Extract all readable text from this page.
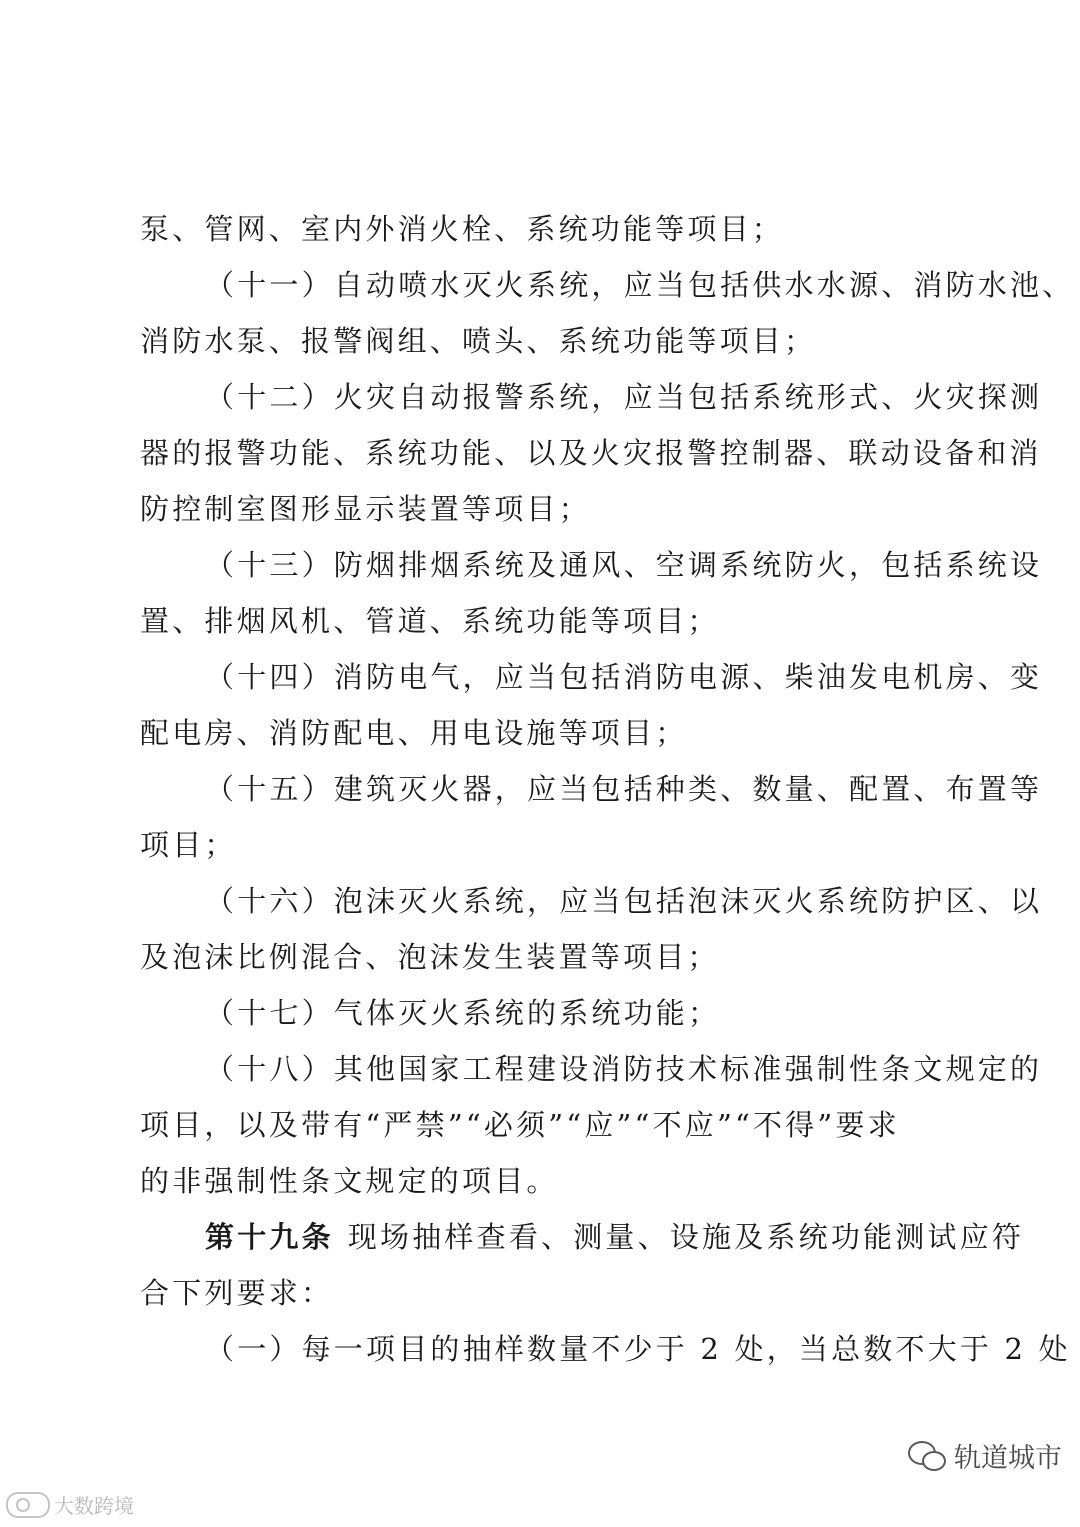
泵、管网、室内外消火栓、系统功能等项目；
（十一）自动喷水灭火系统，应当包括供水水源、消防水池、
消防水泵、报警阀组、喷头、系统功能等项目；
（十二）火灾自动报警系统，应当包括系统形式、火灾探测
器的报警功能、系统功能、以及火灾报警控制器、联动设备和消
防控制室图形显示装置等项目；
（十三）防烟排烟系统及通风、空调系统防火，包括系统设
置、排烟风机、管道、系统功能等项目；
（十四）消防电气，应当包括消防电源、柴油发电机房、变
配电房、消防配电、用电设施等项目；
（十五）建筑灭火器，应当包括种类、数量、配置、布置等
项目；
（十六）泡沫灭火系统，应当包括泡沫灭火系统防护区、以
及泡沫比例混合、泡沫发生装置等项目；
（十七）气体灭火系统的系统功能；
（十八）其他国家工程建设消防技术标准强制性条文规定的
项目，以及带有“严禁”“必须”“应”“不应”“不得”要求
的非强制性条文规定的项目。
第十九条 现场抽样查看、测量、设施及系统功能测试应符
合下列要求：
（一）每一项目的抽样数量不少于 2 处，当总数不大于 2 处
大数跨境
轨道城市
